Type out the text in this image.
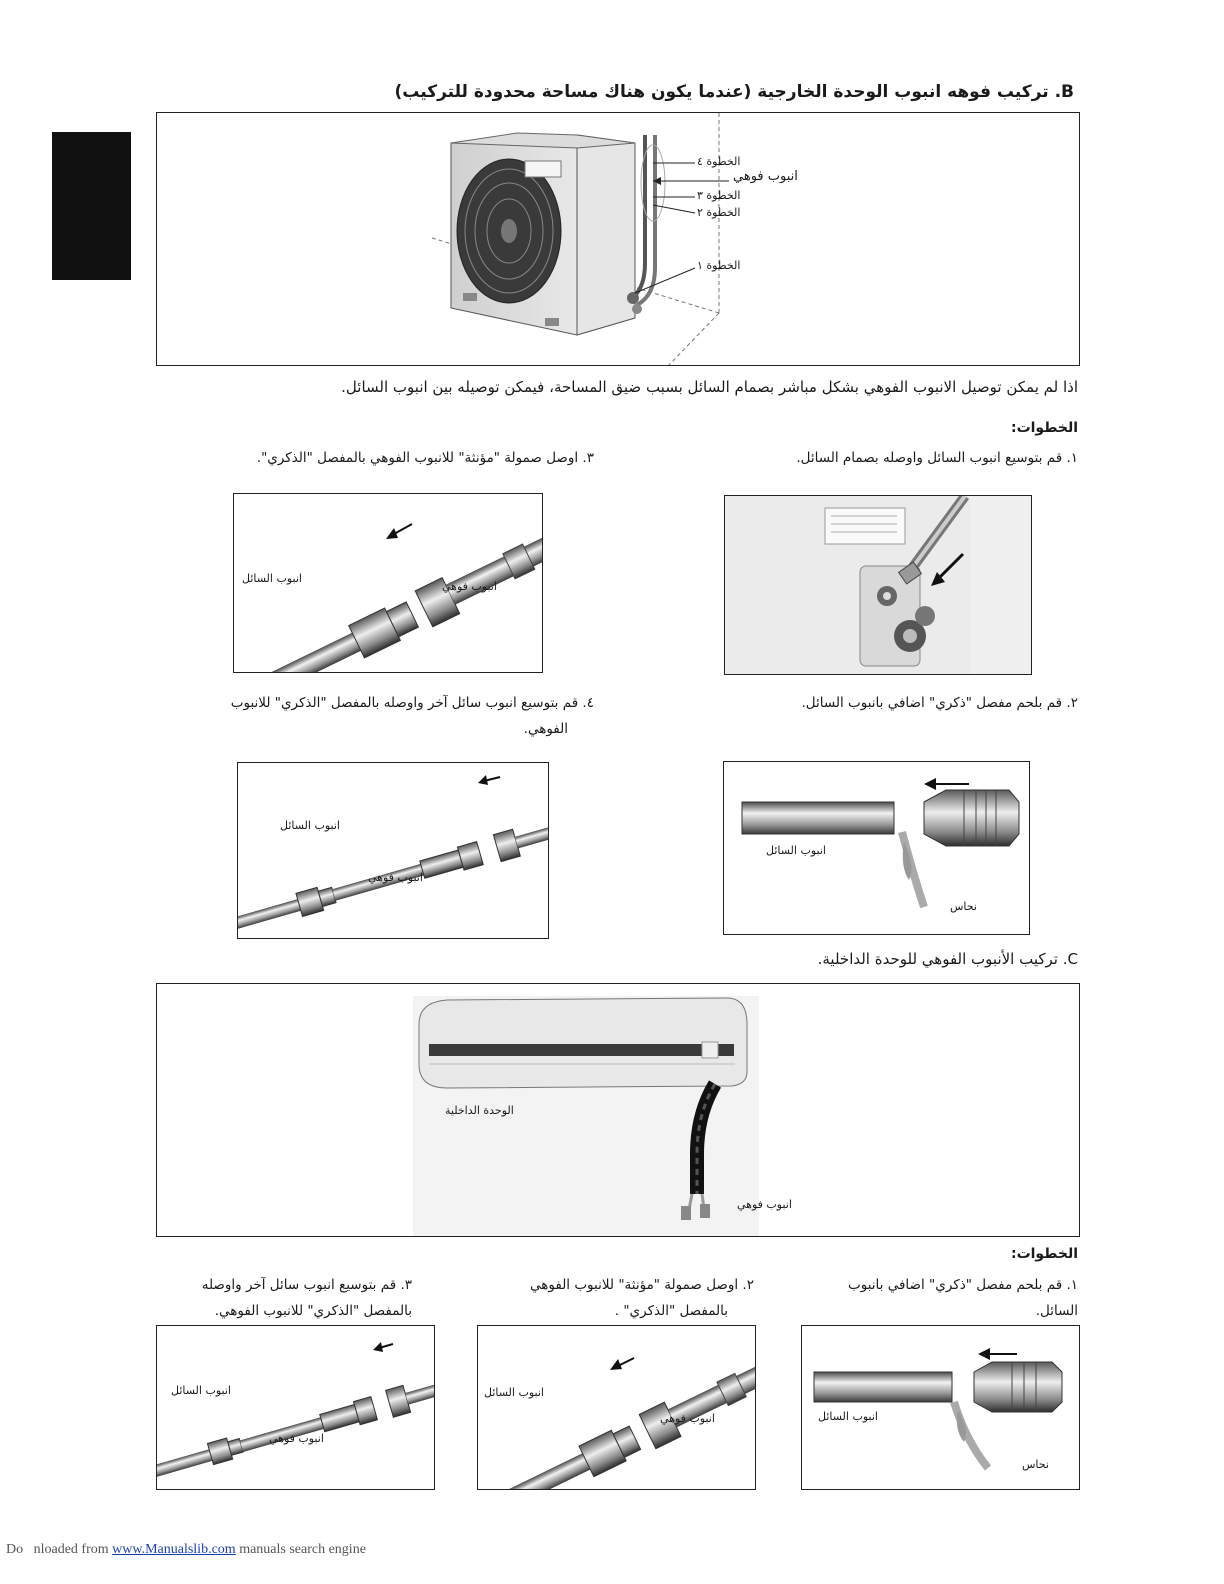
B. تركيب فوهه انبوب الوحدة الخارجية (عندما يكون هناك مساحة محدودة للتركيب)
الخطوة ٤
انبوب فوهي
الخطوة ٣
الخطوة ٢
الخطوة ١
اذا لم يمكن توصيل الانبوب الفوهي بشكل مباشر بصمام السائل بسبب ضيق المساحة، فيمكن توصيله بين انبوب السائل.
الخطوات:
١. قم بتوسيع انبوب السائل واوصله بصمام السائل.
٣. اوصل صمولة "مؤنثة" للانبوب الفوهي بالمفصل "الذكري".
٢. قم بلحم مفصل "ذكري" اضافي بانبوب السائل.
٤. قم بتوسيع انبوب سائل آخر واوصله بالمفصل "الذكري" للانبوب
الفوهي.
انبوب السائل
انبوب فوهي
انبوب السائل
نحاس
انبوب السائل
انبوب فوهي
C. تركيب الأنبوب الفوهي للوحدة الداخلية.
الوحدة الداخلية
انبوب فوهي
الخطوات:
١. قم بلحم مفصل "ذكري" اضافي بانبوب
السائل.
٢. اوصل صمولة "مؤنثة" للانبوب الفوهي
بالمفصل "الذكري" .
٣. قم بتوسيع انبوب سائل آخر واوصله
بالمفصل "الذكري" للانبوب الفوهي.
انبوب السائل
نحاس
انبوب السائل
انبوب فوهي
انبوب السائل
انبوب فوهي
Do   nloaded from www.Manualslib.com manuals search engine
